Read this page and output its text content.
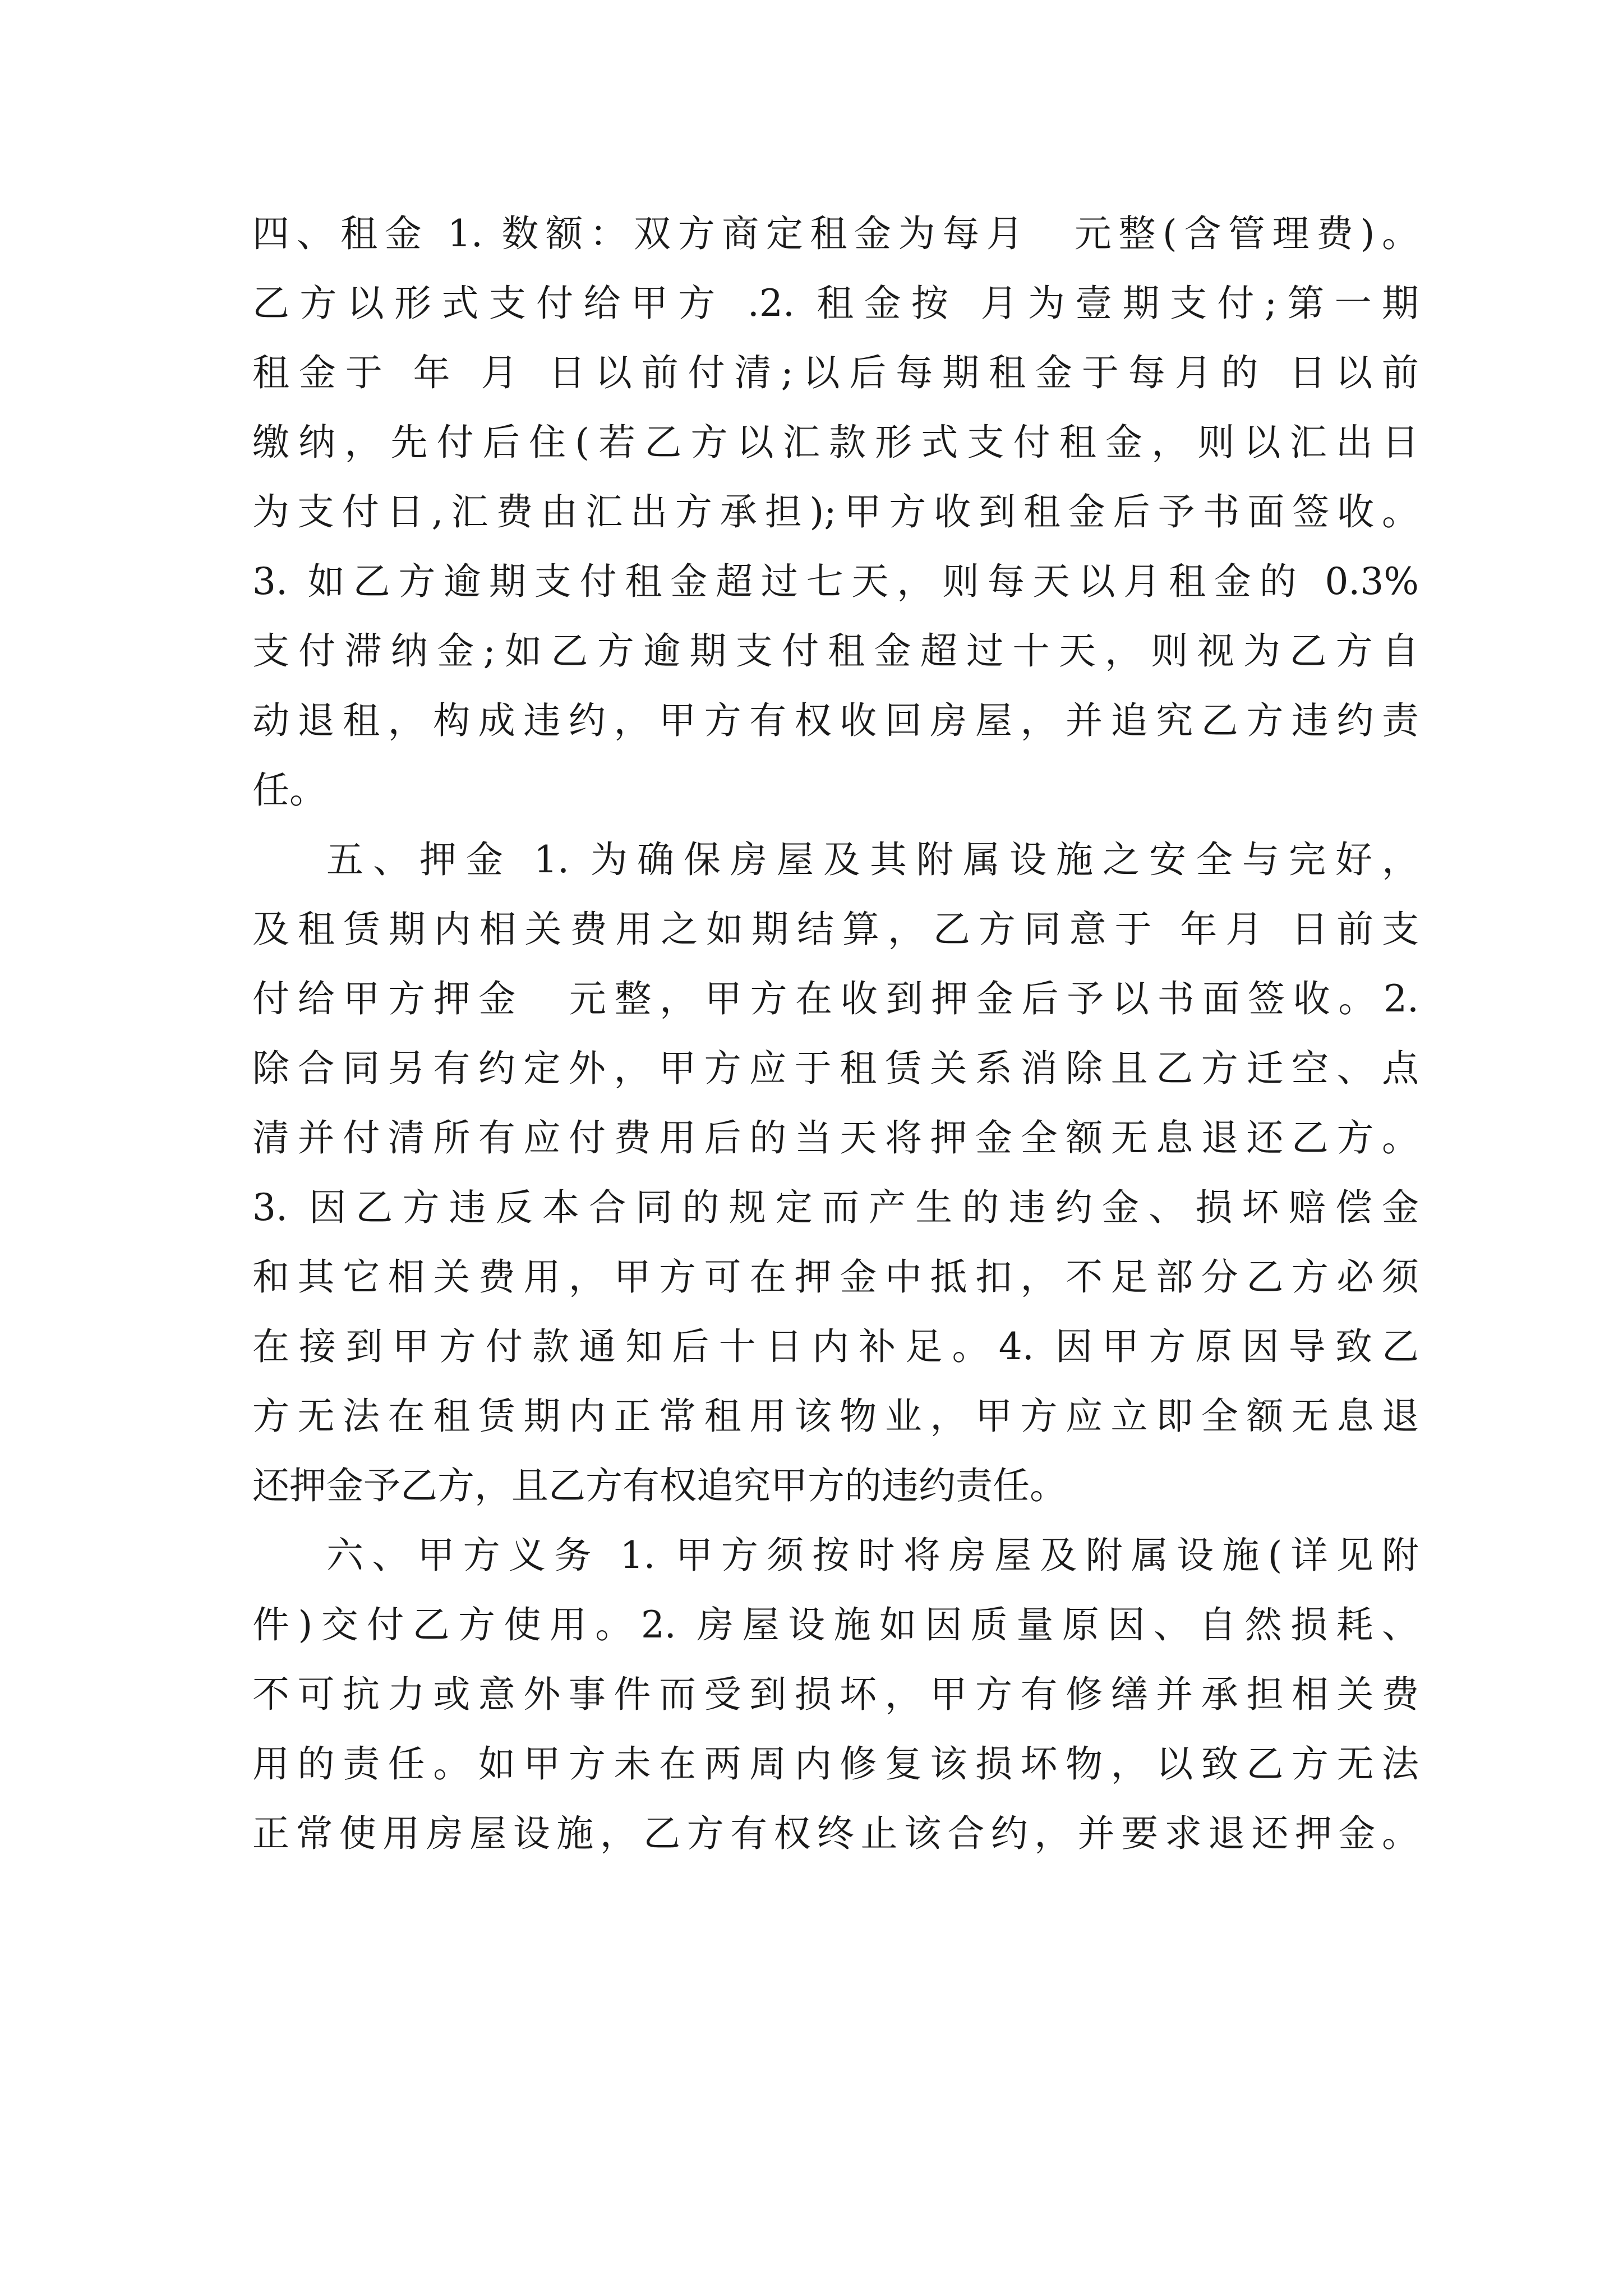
四、租金 1. 数额：双方商定租金为每月　元整(含管理费)。
乙方以形式支付给甲方 .2. 租金按 月为壹期支付;第一期
租金于 年 月 日以前付清;以后每期租金于每月的 日以前
缴纳，先付后住(若乙方以汇款形式支付租金，则以汇出日
为支付日,汇费由汇出方承担);甲方收到租金后予书面签收。
3. 如乙方逾期支付租金超过七天，则每天以月租金的 0.3%
支付滞纳金;如乙方逾期支付租金超过十天，则视为乙方自
动退租，构成违约，甲方有权收回房屋，并追究乙方违约责
任。
五、押金 1. 为确保房屋及其附属设施之安全与完好，
及租赁期内相关费用之如期结算，乙方同意于 年月 日前支
付给甲方押金　元整，甲方在收到押金后予以书面签收。2.
除合同另有约定外，甲方应于租赁关系消除且乙方迁空、点
清并付清所有应付费用后的当天将押金全额无息退还乙方。
3. 因乙方违反本合同的规定而产生的违约金、损坏赔偿金
和其它相关费用，甲方可在押金中抵扣，不足部分乙方必须
在接到甲方付款通知后十日内补足。4. 因甲方原因导致乙
方无法在租赁期内正常租用该物业，甲方应立即全额无息退
还押金予乙方，且乙方有权追究甲方的违约责任。
六、甲方义务 1. 甲方须按时将房屋及附属设施(详见附
件)交付乙方使用。2. 房屋设施如因质量原因、自然损耗、
不可抗力或意外事件而受到损坏，甲方有修缮并承担相关费
用的责任。如甲方未在两周内修复该损坏物，以致乙方无法
正常使用房屋设施，乙方有权终止该合约，并要求退还押金。
